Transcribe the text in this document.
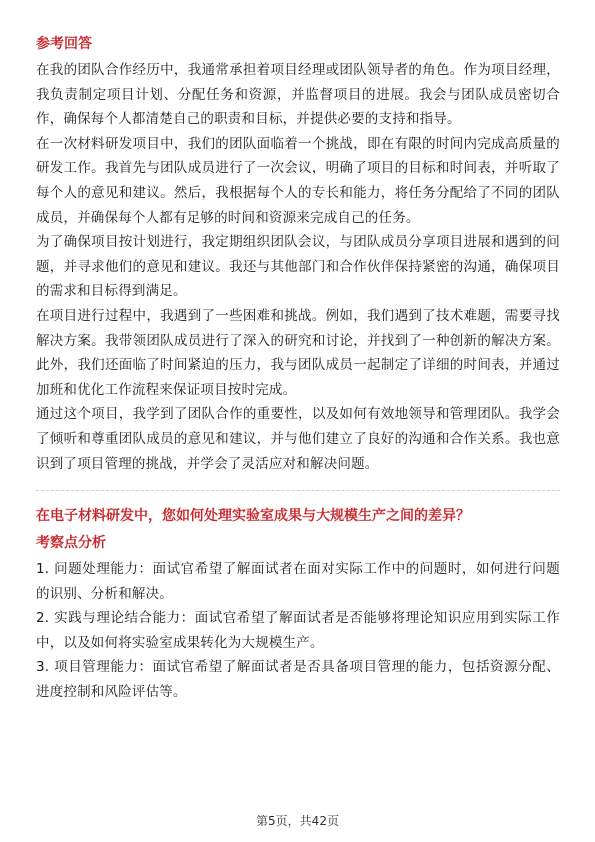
参考回答

在我的团队合作经历中，我通常承担着项目经理或团队领导者的角色。作为项目经理，我负责制定项目计划、分配任务和资源，并监督项目的进展。我会与团队成员密切合作，确保每个人都清楚自己的职责和目标，并提供必要的支持和指导。

在一次材料研发项目中，我们的团队面临着一个挑战，即在有限的时间内完成高质量的研发工作。我首先与团队成员进行了一次会议，明确了项目的目标和时间表，并听取了每个人的意见和建议。然后，我根据每个人的专长和能力，将任务分配给了不同的团队成员，并确保每个人都有足够的时间和资源来完成自己的任务。

为了确保项目按计划进行，我定期组织团队会议，与团队成员分享项目进展和遇到的问题，并寻求他们的意见和建议。我还与其他部门和合作伙伴保持紧密的沟通，确保项目的需求和目标得到满足。

在项目进行过程中，我遇到了一些困难和挑战。例如，我们遇到了技术难题，需要寻找解决方案。我带领团队成员进行了深入的研究和讨论，并找到了一种创新的解决方案。此外，我们还面临了时间紧迫的压力，我与团队成员一起制定了详细的时间表，并通过加班和优化工作流程来保证项目按时完成。

通过这个项目，我学到了团队合作的重要性，以及如何有效地领导和管理团队。我学会了倾听和尊重团队成员的意见和建议，并与他们建立了良好的沟通和合作关系。我也意识到了项目管理的挑战，并学会了灵活应对和解决问题。

在电子材料研发中，您如何处理实验室成果与大规模生产之间的差异？
考察点分析

1. 问题处理能力：面试官希望了解面试者在面对实际工作中的问题时，如何进行问题的识别、分析和解决。

2. 实践与理论结合能力：面试官希望了解面试者是否能够将理论知识应用到实际工作中，以及如何将实验室成果转化为大规模生产。

3. 项目管理能力：面试官希望了解面试者是否具备项目管理的能力，包括资源分配、进度控制和风险评估等。

第5页，共42页
